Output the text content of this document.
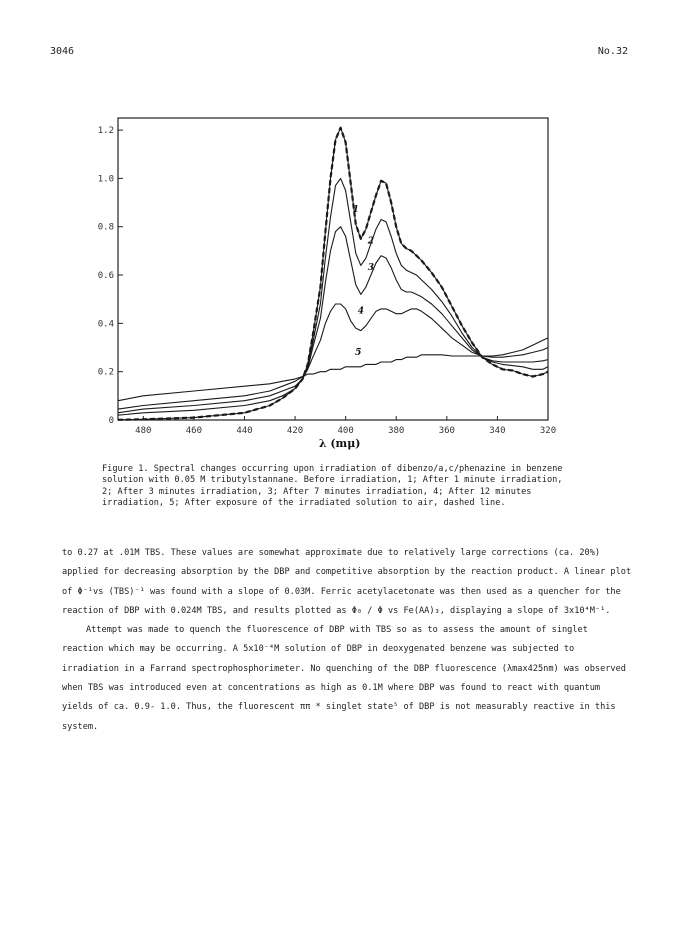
3046	No.32
0
0.2
0.4
0.6
0.8
1.0
1.2
480	460	440	420	400	380	360	340	320
λ (mμ)
1
2
3
4
5
Figure 1. Spectral changes occurring upon irradiation of dibenzo/a,c/phenazine in benzene solution with 0.05 M tributylstannane. Before irradiation, 1; After 1 minute irradiation, 2; After 3 minutes irradiation, 3; After 7 minutes irradiation, 4; After 12 minutes irradiation, 5; After exposure of the irradiated solution to air, dashed line.

to 0.27 at .01M TBS. These values are somewhat approximate due to relatively large corrections (ca. 20%) applied for decreasing absorption by the DBP and competitive absorption by the reaction product. A linear plot of Φ⁻¹vs (TBS)⁻¹ was found with a slope of 0.03M. Ferric acetylacetonate was then used as a quencher for the reaction of DBP with 0.024M TBS, and results plotted as Φ₀ / Φ vs Fe(AA)₃, displaying a slope of 3x10⁴M⁻¹.

Attempt was made to quench the fluorescence of DBP with TBS so as to assess the amount of singlet reaction which may be occurring. A 5x10⁻⁴M solution of DBP in deoxygenated benzene was subjected to irradiation in a Farrand spectrophosphorimeter. No quenching of the DBP fluorescence (λmax425nm) was observed when TBS was introduced even at concentrations as high as 0.1M where DBP was found to react with quantum yields of ca. 0.9- 1.0. Thus, the fluorescent ππ * singlet state⁵ of DBP is not measurably reactive in this system.
